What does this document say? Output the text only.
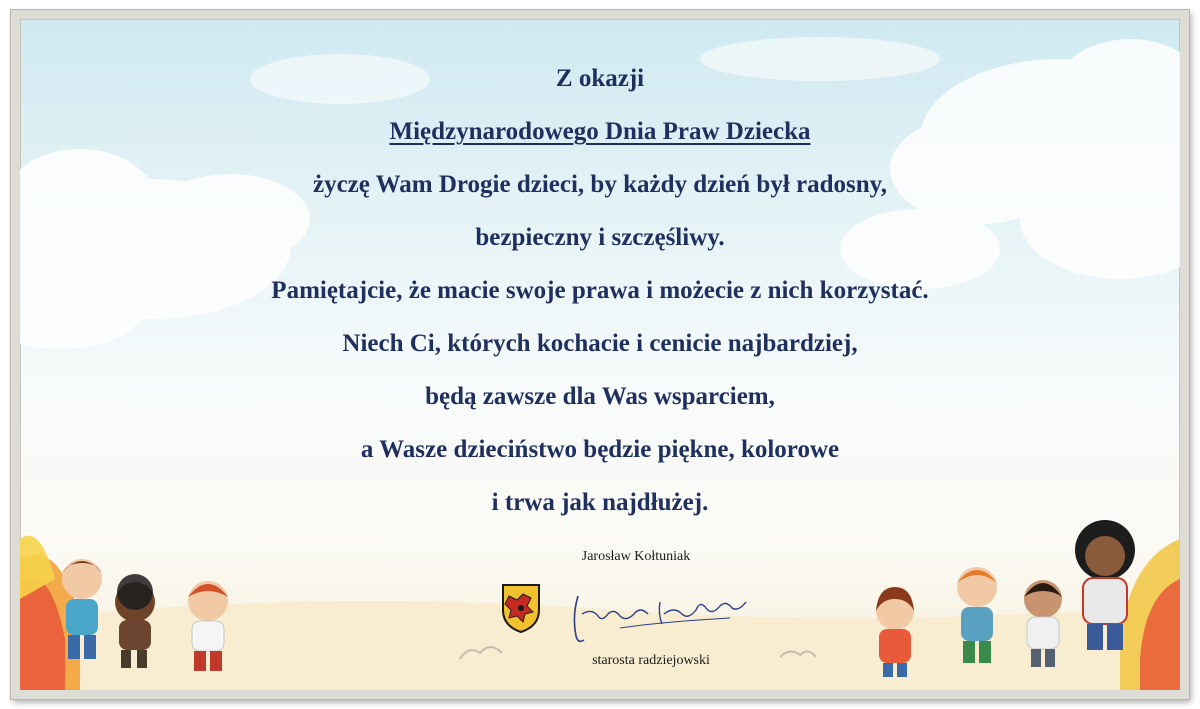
Z okazji
Międzynarodowego Dnia Praw Dziecka
życzę Wam Drogie dzieci, by każdy dzień był radosny,
bezpieczny i szczęśliwy.
Pamiętajcie, że macie swoje prawa i możecie z nich korzystać.
Niech Ci, których kochacie i cenicie najbardziej,
będą zawsze dla Was wsparciem,
a Wasze dzieciństwo będzie piękne, kolorowe
i trwa jak najdłużej.
Jarosław Kołtuniak
starosta radziejowski
